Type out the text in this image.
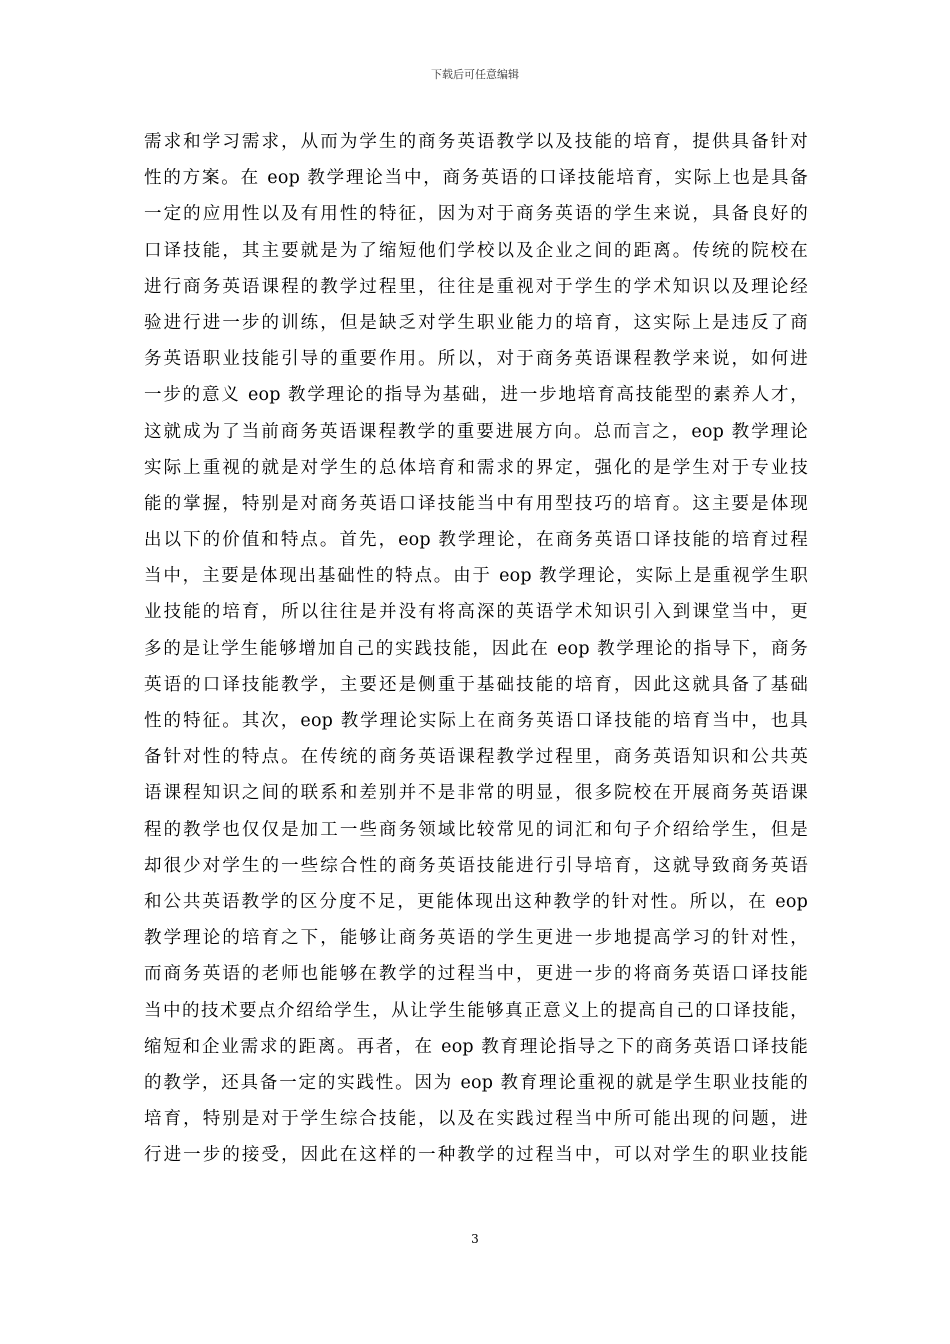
下载后可任意编辑
需求和学习需求，从而为学生的商务英语教学以及技能的培育，提供具备针对
性的方案。在 eop 教学理论当中，商务英语的口译技能培育，实际上也是具备
一定的应用性以及有用性的特征，因为对于商务英语的学生来说，具备良好的
口译技能，其主要就是为了缩短他们学校以及企业之间的距离。传统的院校在
进行商务英语课程的教学过程里，往往是重视对于学生的学术知识以及理论经
验进行进一步的训练，但是缺乏对学生职业能力的培育，这实际上是违反了商
务英语职业技能引导的重要作用。所以，对于商务英语课程教学来说，如何进
一步的意义 eop 教学理论的指导为基础，进一步地培育高技能型的素养人才，
这就成为了当前商务英语课程教学的重要进展方向。总而言之，eop 教学理论
实际上重视的就是对学生的总体培育和需求的界定，强化的是学生对于专业技
能的掌握，特别是对商务英语口译技能当中有用型技巧的培育。这主要是体现
出以下的价值和特点。首先，eop 教学理论，在商务英语口译技能的培育过程
当中，主要是体现出基础性的特点。由于 eop 教学理论，实际上是重视学生职
业技能的培育，所以往往是并没有将高深的英语学术知识引入到课堂当中，更
多的是让学生能够增加自己的实践技能，因此在 eop 教学理论的指导下，商务
英语的口译技能教学，主要还是侧重于基础技能的培育，因此这就具备了基础
性的特征。其次，eop 教学理论实际上在商务英语口译技能的培育当中，也具
备针对性的特点。在传统的商务英语课程教学过程里，商务英语知识和公共英
语课程知识之间的联系和差别并不是非常的明显，很多院校在开展商务英语课
程的教学也仅仅是加工一些商务领域比较常见的词汇和句子介绍给学生，但是
却很少对学生的一些综合性的商务英语技能进行引导培育，这就导致商务英语
和公共英语教学的区分度不足，更能体现出这种教学的针对性。所以，在 eop
教学理论的培育之下，能够让商务英语的学生更进一步地提高学习的针对性，
而商务英语的老师也能够在教学的过程当中，更进一步的将商务英语口译技能
当中的技术要点介绍给学生，从让学生能够真正意义上的提高自己的口译技能，
缩短和企业需求的距离。再者，在 eop 教育理论指导之下的商务英语口译技能
的教学，还具备一定的实践性。因为 eop 教育理论重视的就是学生职业技能的
培育，特别是对于学生综合技能，以及在实践过程当中所可能出现的问题，进
行进一步的接受，因此在这样的一种教学的过程当中，可以对学生的职业技能
3
